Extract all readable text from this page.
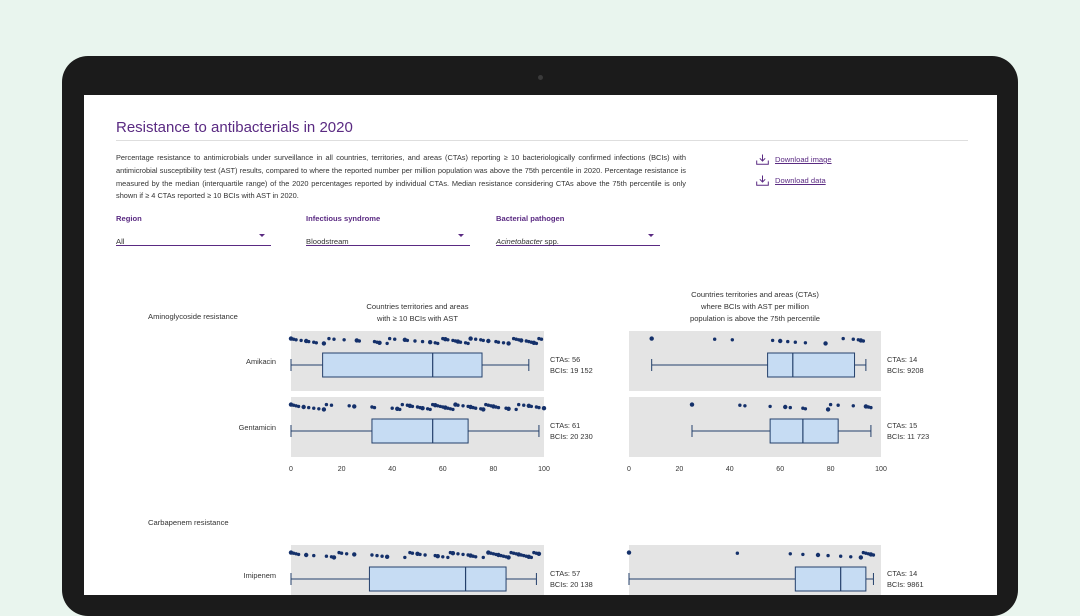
Resistance to antibacterials in 2020

Percentage resistance to antimicrobials under surveillance in all countries, territories, and areas (CTAs) reporting ≥ 10 bacteriologically confirmed infections (BCIs) with antimicrobial susceptibility test (AST) results, compared to where the reported number per million population was above the 75th percentile in 2020. Percentage resistance is measured by the median (interquartile range) of the 2020 percentages reported by individual CTAs. Median resistance considering CTAs above the 75th percentile is only shown if ≥ 4 CTAs reported ≥ 10 BCIs with AST in 2020.

Download image
Download data
Region
All
Infectious syndrome
Bloodstream
Bacterial pathogen
Acinetobacter spp.
Countries territories and areas
with ≥ 10 BCIs with AST
Countries territories and areas (CTAs)
where BCIs with AST per million
population is above the 75th percentile
Aminoglycoside resistance
Amikacin	CTAs: 56
BCIs: 19 152
CTAs: 14
BCIs: 9208
Gentamicin	CTAs: 61
BCIs: 20 230
CTAs: 15
BCIs: 11 723
0	20	40	60	80	100	0	20	40	60	80	100
Carbapenem resistance
Imipenem	CTAs: 57
BCIs: 20 138
CTAs: 14
BCIs: 9861
